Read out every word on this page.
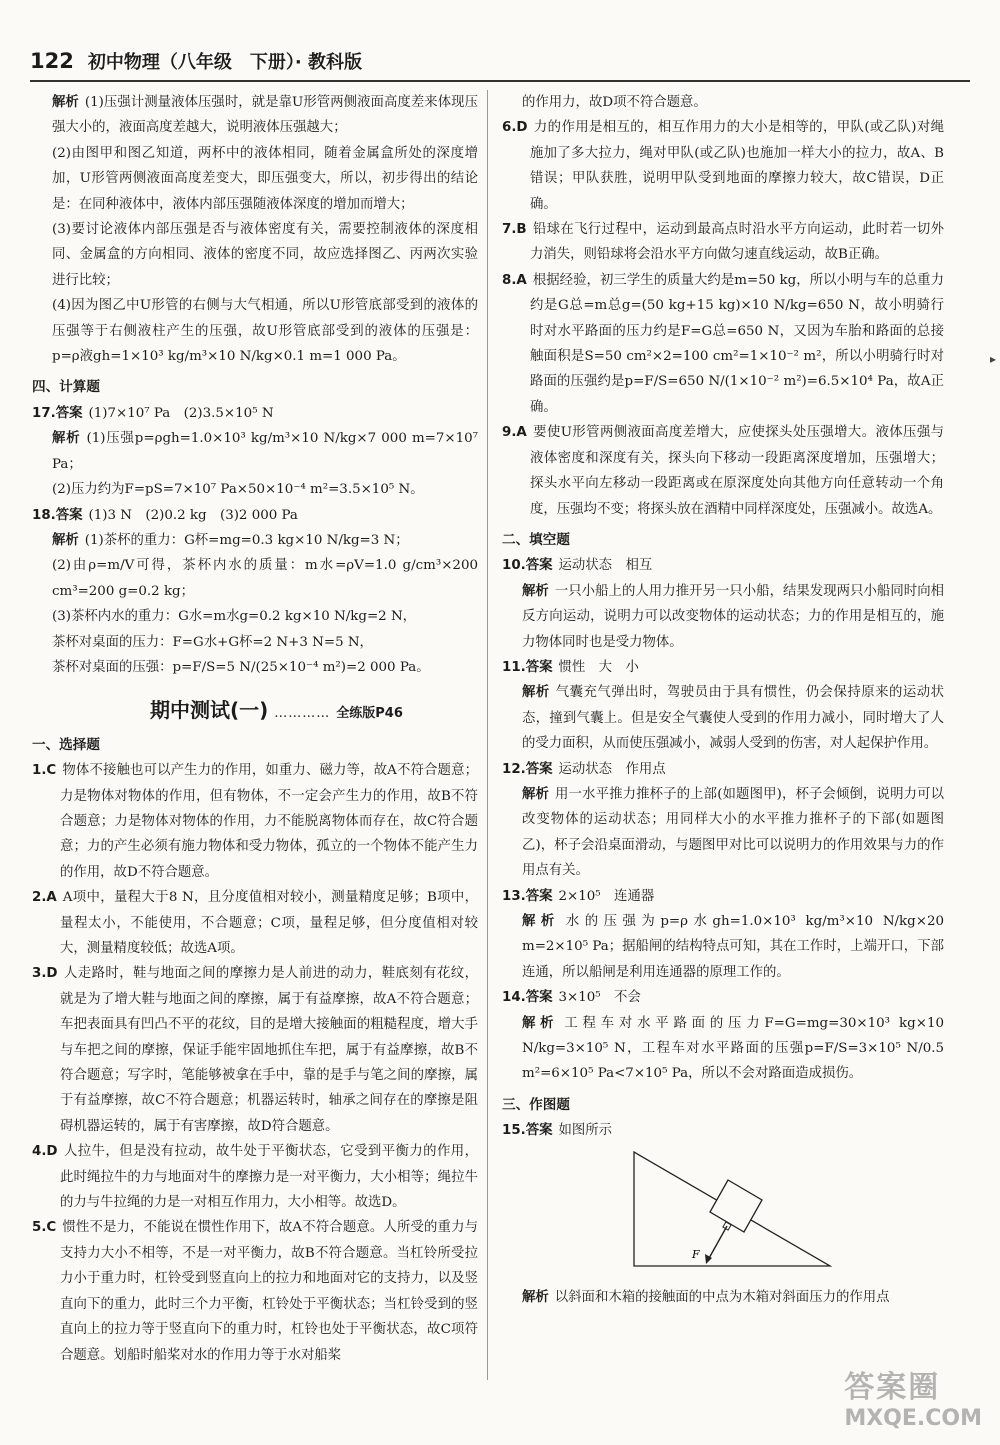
122 初中物理（八年级　下册）· 教科版
▸

解析 (1)压强计测量液体压强时，就是靠U形管两侧液面高度差来体现压强大小的，液面高度差越大，说明液体压强越大；

(2)由图甲和图乙知道，两杯中的液体相同，随着金属盒所处的深度增加，U形管两侧液面高度差变大，即压强变大，所以，初步得出的结论是：在同种液体中，液体内部压强随液体深度的增加而增大；

(3)要讨论液体内部压强是否与液体密度有关，需要控制液体的深度相同、金属盒的方向相同、液体的密度不同，故应选择图乙、丙两次实验进行比较；

(4)因为图乙中U形管的右侧与大气相通，所以U形管底部受到的液体的压强等于右侧液柱产生的压强，故U形管底部受到的液体的压强是：p=ρ液gh=1×10³ kg/m³×10 N/kg×0.1 m=1 000 Pa。

四、计算题

17.答案 (1)7×10⁷ Pa　(2)3.5×10⁵ N

解析 (1)压强p=ρgh=1.0×10³ kg/m³×10 N/kg×7 000 m=7×10⁷ Pa；

(2)压力约为F=pS=7×10⁷ Pa×50×10⁻⁴ m²=3.5×10⁵ N。

18.答案 (1)3 N　(2)0.2 kg　(3)2 000 Pa

解析 (1)茶杯的重力：G杯=mg=0.3 kg×10 N/kg=3 N；

(2)由ρ=m/V可得，茶杯内水的质量：m水=ρV=1.0 g/cm³×200 cm³=200 g=0.2 kg；

(3)茶杯内水的重力：G水=m水g=0.2 kg×10 N/kg=2 N，

茶杯对桌面的压力：F=G水+G杯=2 N+3 N=5 N，

茶杯对桌面的压强：p=F/S=5 N/(25×10⁻⁴ m²)=2 000 Pa。

期中测试(一) ………… 全练版P46
一、选择题

1.C 物体不接触也可以产生力的作用，如重力、磁力等，故A不符合题意；力是物体对物体的作用，但有物体，不一定会产生力的作用，故B不符合题意；力是物体对物体的作用，力不能脱离物体而存在，故C符合题意；力的产生必须有施力物体和受力物体，孤立的一个物体不能产生力的作用，故D不符合题意。

2.A A项中，量程大于8 N，且分度值相对较小，测量精度足够；B项中，量程太小，不能使用，不合题意；C项，量程足够，但分度值相对较大，测量精度较低；故选A项。

3.D 人走路时，鞋与地面之间的摩擦力是人前进的动力，鞋底刻有花纹，就是为了增大鞋与地面之间的摩擦，属于有益摩擦，故A不符合题意；车把表面具有凹凸不平的花纹，目的是增大接触面的粗糙程度，增大手与车把之间的摩擦，保证手能牢固地抓住车把，属于有益摩擦，故B不符合题意；写字时，笔能够被拿在手中，靠的是手与笔之间的摩擦，属于有益摩擦，故C不符合题意；机器运转时，轴承之间存在的摩擦是阻碍机器运转的，属于有害摩擦，故D符合题意。

4.D 人拉牛，但是没有拉动，故牛处于平衡状态，它受到平衡力的作用，此时绳拉牛的力与地面对牛的摩擦力是一对平衡力，大小相等；绳拉牛的力与牛拉绳的力是一对相互作用力，大小相等。故选D。

5.C 惯性不是力，不能说在惯性作用下，故A不符合题意。人所受的重力与支持力大小不相等，不是一对平衡力，故B不符合题意。当杠铃所受拉力小于重力时，杠铃受到竖直向上的拉力和地面对它的支持力，以及竖直向下的重力，此时三个力平衡，杠铃处于平衡状态；当杠铃受到的竖直向上的拉力等于竖直向下的重力时，杠铃也处于平衡状态，故C项符合题意。划船时船桨对水的作用力等于水对船桨

的作用力，故D项不符合题意。

6.D 力的作用是相互的，相互作用力的大小是相等的，甲队(或乙队)对绳施加了多大拉力，绳对甲队(或乙队)也施加一样大小的拉力，故A、B错误；甲队获胜，说明甲队受到地面的摩擦力较大，故C错误，D正确。

7.B 铅球在飞行过程中，运动到最高点时沿水平方向运动，此时若一切外力消失，则铅球将会沿水平方向做匀速直线运动，故B正确。

8.A 根据经验，初三学生的质量大约是m=50 kg，所以小明与车的总重力约是G总=m总g=(50 kg+15 kg)×10 N/kg=650 N，故小明骑行时对水平路面的压力约是F=G总=650 N，又因为车胎和路面的总接触面积是S=50 cm²×2=100 cm²=1×10⁻² m²，所以小明骑行时对路面的压强约是p=F/S=650 N/(1×10⁻² m²)=6.5×10⁴ Pa，故A正确。

9.A 要使U形管两侧液面高度差增大，应使探头处压强增大。液体压强与液体密度和深度有关，探头向下移动一段距离深度增加，压强增大；探头水平向左移动一段距离或在原深度处向其他方向任意转动一个角度，压强均不变；将探头放在酒精中同样深度处，压强减小。故选A。

二、填空题

10.答案 运动状态　相互

解析 一只小船上的人用力推开另一只小船，结果发现两只小船同时向相反方向运动，说明力可以改变物体的运动状态；力的作用是相互的，施力物体同时也是受力物体。

11.答案 惯性　大　小

解析 气囊充气弹出时，驾驶员由于具有惯性，仍会保持原来的运动状态，撞到气囊上。但是安全气囊使人受到的作用力减小，同时增大了人的受力面积，从而使压强减小，减弱人受到的伤害，对人起保护作用。

12.答案 运动状态　作用点

解析 用一水平推力推杯子的上部(如题图甲)，杯子会倾倒，说明力可以改变物体的运动状态；用同样大小的水平推力推杯子的下部(如题图乙)，杯子会沿桌面滑动，与题图甲对比可以说明力的作用效果与力的作用点有关。

13.答案 2×10⁵　连通器

解析 水的压强为p=ρ水gh=1.0×10³ kg/m³×10 N/kg×20 m=2×10⁵ Pa；据船闸的结构特点可知，其在工作时，上端开口，下部连通，所以船闸是利用连通器的原理工作的。

14.答案 3×10⁵　不会

解析 工程车对水平路面的压力F=G=mg=30×10³ kg×10 N/kg=3×10⁵ N，工程车对水平路面的压强p=F/S=3×10⁵ N/0.5 m²=6×10⁵ Pa<7×10⁵ Pa，所以不会对路面造成损伤。

三、作图题

15.答案 如图所示

F

解析 以斜面和木箱的接触面的中点为木箱对斜面压力的作用点

答案圈
MXQE.COM
